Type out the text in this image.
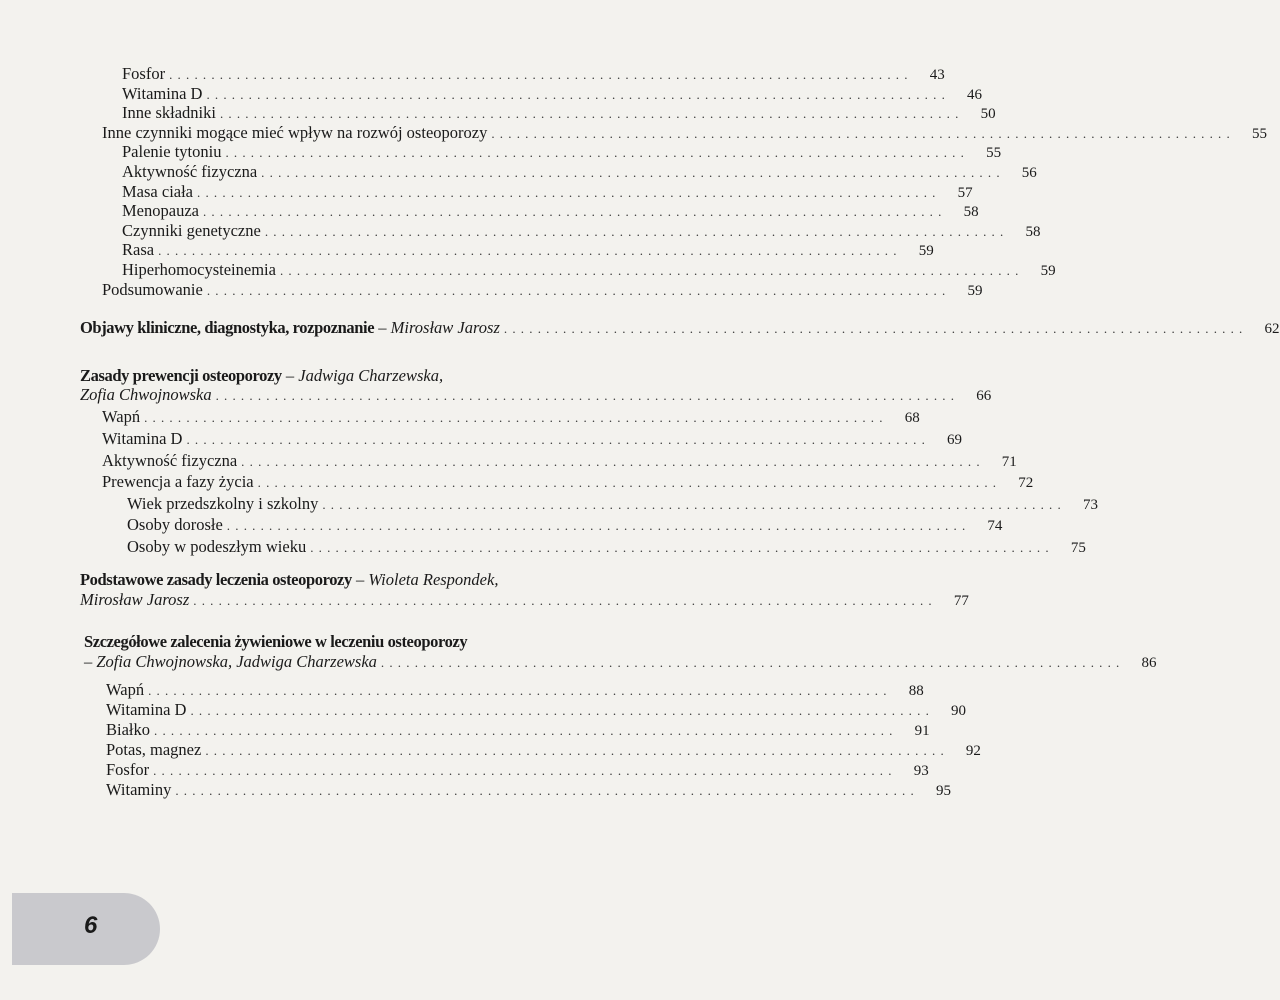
Fosfor ........................................................................................	43
Witamina D ........................................................................................	46
Inne składniki ........................................................................................	50
Inne czynniki mogące mieć wpływ na rozwój osteoporozy ........................................................................................	55
Palenie tytoniu ........................................................................................	55
Aktywność fizyczna ........................................................................................	56
Masa ciała ........................................................................................	57
Menopauza ........................................................................................	58
Czynniki genetyczne ........................................................................................	58
Rasa ........................................................................................	59
Hiperhomocysteinemia ........................................................................................	59
Podsumowanie ........................................................................................	59
Objawy kliniczne, diagnostyka, rozpoznanie – Mirosław Jarosz ........................................................................................	62
Zasady prewencji osteoporozy – Jadwiga Charzewska,
Zofia Chwojnowska ........................................................................................	66
Wapń ........................................................................................	68
Witamina D ........................................................................................	69
Aktywność fizyczna ........................................................................................	71
Prewencja a fazy życia ........................................................................................	72
Wiek przedszkolny i szkolny ........................................................................................	73
Osoby dorosłe ........................................................................................	74
Osoby w podeszłym wieku ........................................................................................	75
Podstawowe zasady leczenia osteoporozy – Wioleta Respondek,
Mirosław Jarosz ........................................................................................	77
Szczegółowe zalecenia żywieniowe w leczeniu osteoporozy
– Zofia Chwojnowska, Jadwiga Charzewska ........................................................................................	86
Wapń ........................................................................................	88
Witamina D ........................................................................................	90
Białko ........................................................................................	91
Potas, magnez ........................................................................................	92
Fosfor ........................................................................................	93
Witaminy ........................................................................................	95
6
